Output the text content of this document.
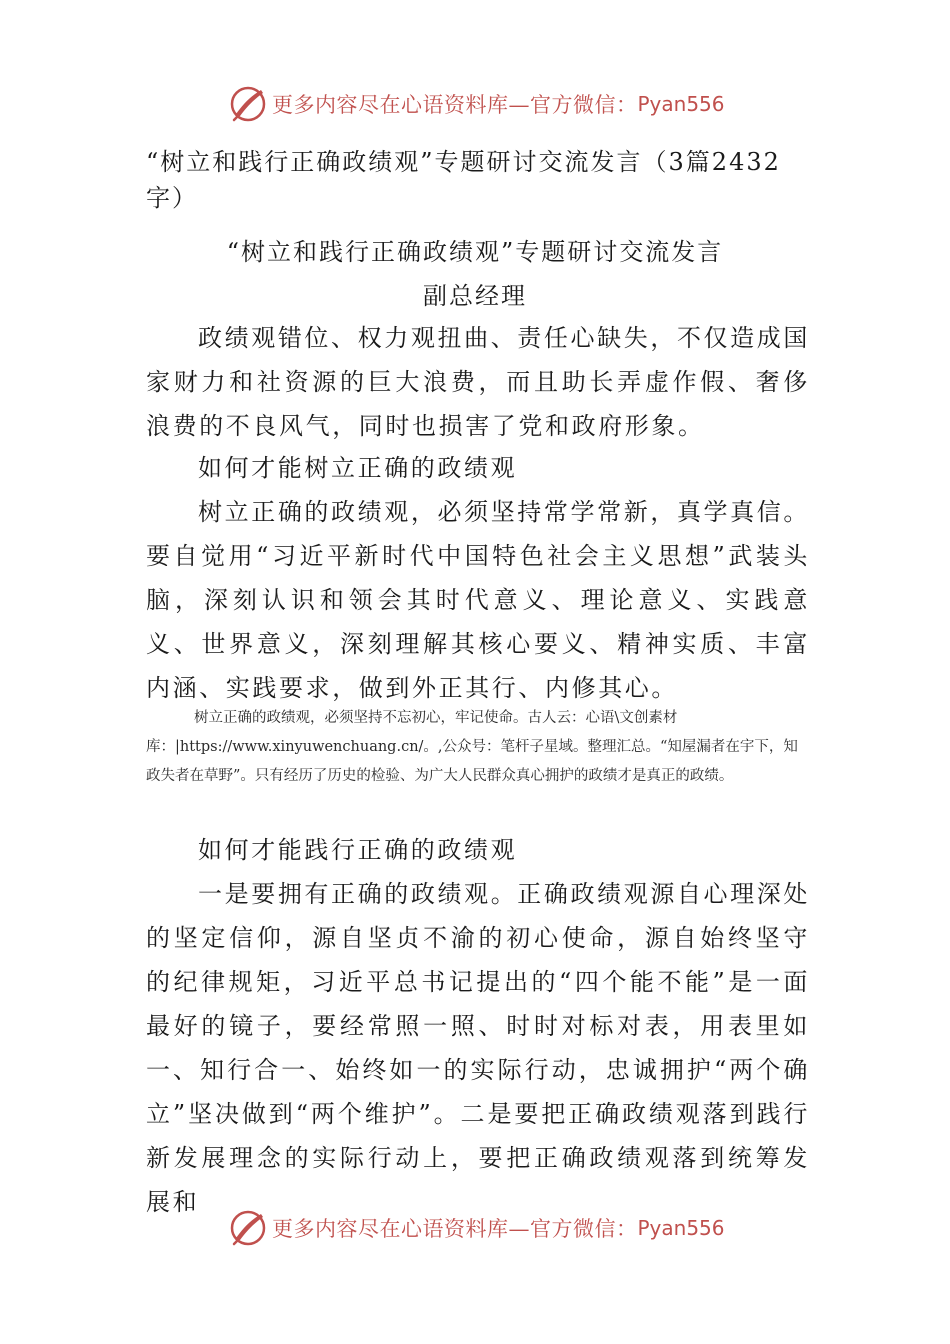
更多内容尽在心语资料库—官方微信： Pyan556
“树立和践行正确政绩观”专题研讨交流发言（3篇2432字）
“树立和践行正确政绩观”专题研讨交流发言
副总经理

政绩观错位、权力观扭曲、责任心缺失，不仅造成国家财力和社资源的巨大浪费，而且助长弄虚作假、奢侈浪费的不良风气，同时也损害了党和政府形象。

如何才能树立正确的政绩观

树立正确的政绩观，必须坚持常学常新，真学真信。要自觉用“习近平新时代中国特色社会主义思想”武装头脑，深刻认识和领会其时代意义、理论意义、实践意义、世界意义，深刻理解其核心要义、精神实质、丰富内涵、实践要求，做到外正其行、内修其心。

树立正确的政绩观，必须坚持不忘初心，牢记使命。古人云：心语\文创素材库：|https://www.xinyuwenchuang.cn/。,公众号：笔杆子星域。整理汇总。“知屋漏者在宇下，知政失者在草野”。只有经历了历史的检验、为广大人民群众真心拥护的政绩才是真正的政绩。

如何才能践行正确的政绩观

一是要拥有正确的政绩观。正确政绩观源自心理深处的坚定信仰，源自坚贞不渝的初心使命，源自始终坚守的纪律规矩，习近平总书记提出的“四个能不能”是一面最好的镜子，要经常照一照、时时对标对表，用表里如一、知行合一、始终如一的实际行动，忠诚拥护“两个确立”坚决做到“两个维护”。二是要把正确政绩观落到践行新发展理念的实际行动上，要把正确政绩观落到统筹发展和

更多内容尽在心语资料库—官方微信： Pyan556
